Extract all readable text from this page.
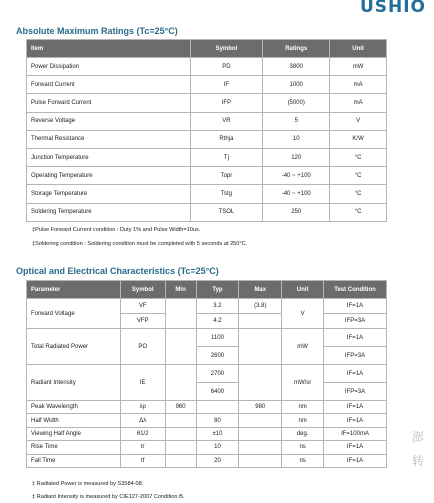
USHIO
Absolute Maximum Ratings (Tc=25°C)
Item	Symbol	Ratings	Unit
Power Dissipation	PD	3800	mW
Forward Current	IF	1000	mA
Pulse Forward Current	IFP	(5000)	mA
Reverse Voltage	VR	5	V
Thermal Resistance	Rthja	10	K/W
Junction Temperature	Tj	120	°C
Operating Temperature	Topr	-40 ~ +100	°C
Storage Temperature	Tstg	-40 ~ +100	°C
Soldering Temperature	TSOL	250	°C
‡Pulse Forward Current condition : Duty 1% and Pulse Width=10us.
‡Soldering condition : Soldering condition must be completed with 5 seconds at 250°C.
Optical and Electrical Characteristics (Tc=25°C)
Parameter	Symbol	Min	Typ	Max	Unit	Test Condition
Forward Voltage	VF		3.2	(3.8)	V	IF=1A
	VFP		4.2			IFP=3A
Total Radiated Power	PO		1100		mW	IF=1A
			2600			IFP=3A
Radiant Intensity	IE		2700		mW/sr	IF=1A
			6400			IFP=3A
Peak Wavelength	λp	960		980	nm	IF=1A
Half Width	Δλ		80		nm	IF=1A
Viewing Half Angle	θ1/2		±10		deg.	IF=100mA
Rise Time	tr		10		ns	IF=1A
Fall Time	tf		20		ns	IF=1A
‡ Radiated Power is measured by S3584-08.
‡ Radiant Intensity is measured by CIE127-2007 Condition B.
澎
转
